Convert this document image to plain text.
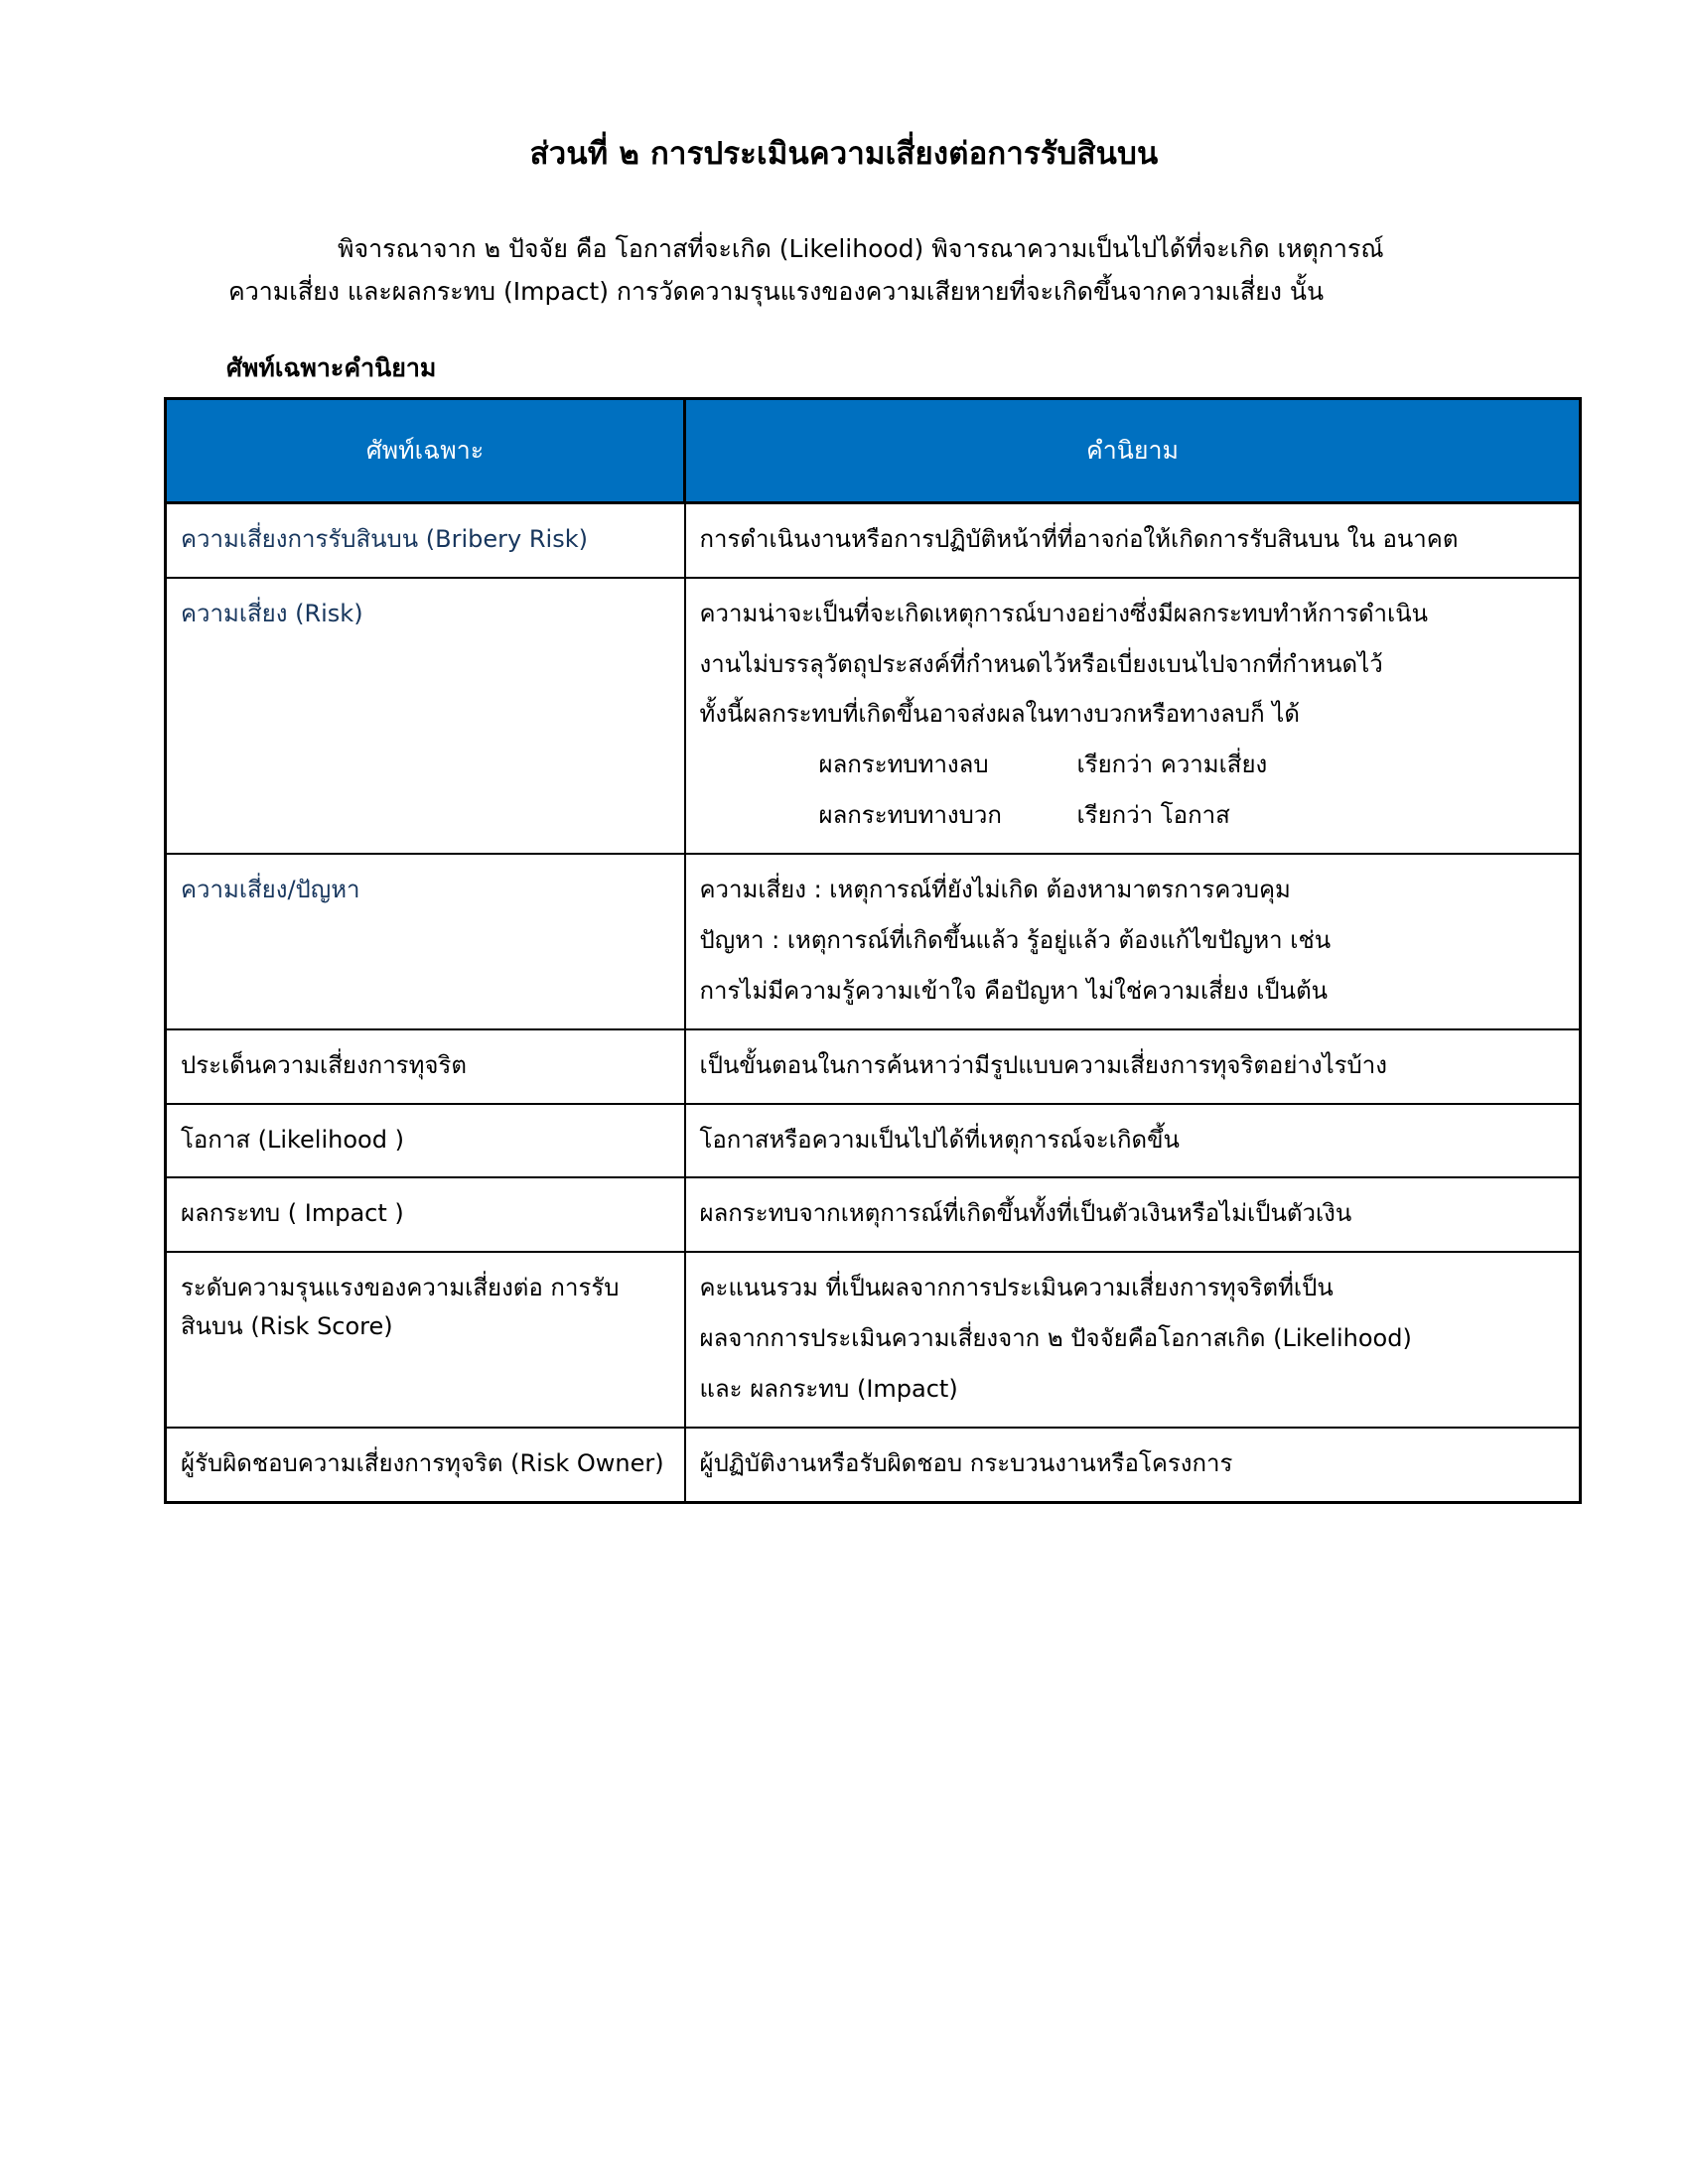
ส่วนที่ ๒ การประเมินความเสี่ยงต่อการรับสินบน

พิจารณาจาก ๒ ปัจจัย คือ โอกาสที่จะเกิด (Likelihood) พิจารณาความเป็นไปได้ที่จะเกิด เหตุการณ์
ความเสี่ยง และผลกระทบ (Impact) การวัดความรุนแรงของความเสียหายที่จะเกิดขึ้นจากความเสี่ยง นั้น

ศัพท์เฉพาะคำนิยาม

ศัพท์เฉพาะ	คำนิยาม
ความเสี่ยงการรับสินบน (Bribery Risk)	การดำเนินงานหรือการปฏิบัติหน้าที่ที่อาจก่อให้เกิดการรับสินบน ใน อนาคต

ความเสี่ยง (Risk)	ความน่าจะเป็นที่จะเกิดเหตุการณ์บางอย่างซึ่งมีผลกระทบทำห้การดำเนิน
งานไม่บรรลุวัตถุประสงค์ที่กำหนดไว้หรือเบี่ยงเบนไปจากที่กำหนดไว้
ทั้งนี้ผลกระทบที่เกิดขึ้นอาจส่งผลในทางบวกหรือทางลบก็ ได้
ผลกระทบทางลบ เรียกว่า ความเสี่ยง
ผลกระทบทางบวก เรียกว่า โอกาส

ความเสี่ยง/ปัญหา	ความเสี่ยง : เหตุการณ์ที่ยังไม่เกิด ต้องหามาตรการควบคุม
ปัญหา : เหตุการณ์ที่เกิดขึ้นแล้ว รู้อยู่แล้ว ต้องแก้ไขปัญหา เช่น
การไม่มีความรู้ความเข้าใจ คือปัญหา ไม่ใช่ความเสี่ยง เป็นต้น

ประเด็นความเสี่ยงการทุจริต	เป็นขั้นตอนในการค้นหาว่ามีรูปแบบความเสี่ยงการทุจริตอย่างไรบ้าง

โอกาส (Likelihood )	โอกาสหรือความเป็นไปได้ที่เหตุการณ์จะเกิดขึ้น

ผลกระทบ ( Impact )	ผลกระทบจากเหตุการณ์ที่เกิดขึ้นทั้งที่เป็นตัวเงินหรือไม่เป็นตัวเงิน

ระดับความรุนแรงของความเสี่ยงต่อ การรับสินบน (Risk Score)	คะแนนรวม ที่เป็นผลจากการประเมินความเสี่ยงการทุจริตที่เป็น
ผลจากการประเมินความเสี่ยงจาก ๒ ปัจจัยคือโอกาสเกิด (Likelihood)
และ ผลกระทบ (Impact)

ผู้รับผิดชอบความเสี่ยงการทุจริต (Risk Owner)	ผู้ปฏิบัติงานหรือรับผิดชอบ กระบวนงานหรือโครงการ
